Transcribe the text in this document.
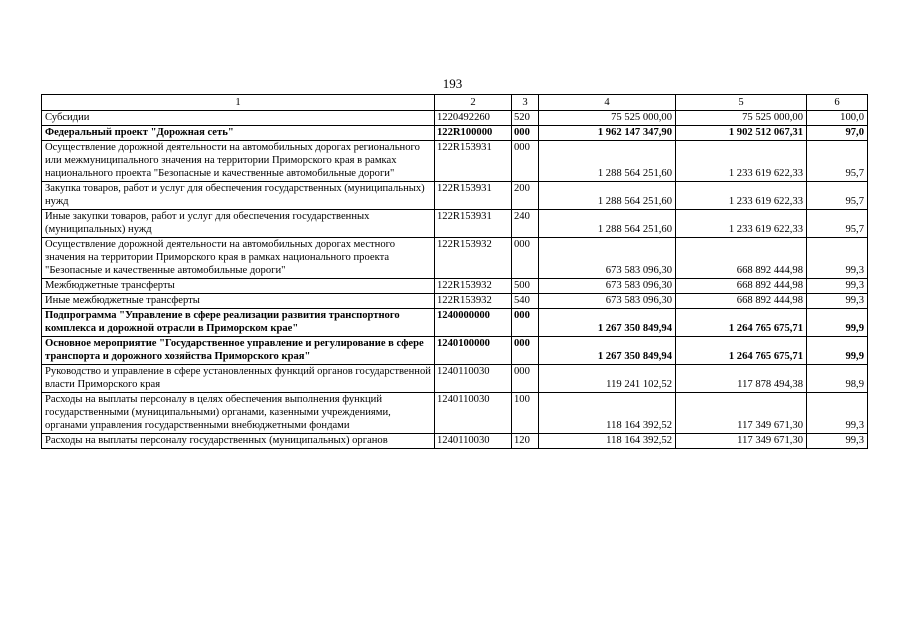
193
1	2	3	4	5	6
Субсидии	1220492260	520	75 525 000,00	75 525 000,00	100,0
Федеральный проект "Дорожная сеть"	122R100000	000	1 962 147 347,90	1 902 512 067,31	97,0
Осуществление дорожной деятельности на автомобильных дорогах регионального или межмуниципального значения на территории Приморского края в рамках национального проекта "Безопасные и качественные автомобильные дороги"	122R153931	000	1 288 564 251,60	1 233 619 622,33	95,7
Закупка товаров, работ и услуг для обеспечения государственных (муниципальных) нужд	122R153931	200	1 288 564 251,60	1 233 619 622,33	95,7
Иные закупки товаров, работ и услуг для обеспечения государственных (муниципальных) нужд	122R153931	240	1 288 564 251,60	1 233 619 622,33	95,7
Осуществление дорожной деятельности на автомобильных дорогах местного значения на территории Приморского края в рамках национального проекта "Безопасные и качественные автомобильные дороги"	122R153932	000	673 583 096,30	668 892 444,98	99,3
Межбюджетные трансферты	122R153932	500	673 583 096,30	668 892 444,98	99,3
Иные межбюджетные трансферты	122R153932	540	673 583 096,30	668 892 444,98	99,3
Подпрограмма "Управление в сфере реализации развития транспортного комплекса и дорожной отрасли в Приморском крае"	1240000000	000	1 267 350 849,94	1 264 765 675,71	99,9
Основное мероприятие "Государственное управление и регулирование в сфере транспорта и дорожного хозяйства Приморского края"	1240100000	000	1 267 350 849,94	1 264 765 675,71	99,9
Руководство и управление в сфере установленных функций органов государственной власти Приморского края	1240110030	000	119 241 102,52	117 878 494,38	98,9
Расходы на выплаты персоналу в целях обеспечения выполнения функций государственными (муниципальными) органами, казенными учреждениями, органами управления государственными внебюджетными фондами	1240110030	100	118 164 392,52	117 349 671,30	99,3
Расходы на выплаты персоналу государственных (муниципальных) органов	1240110030	120	118 164 392,52	117 349 671,30	99,3
